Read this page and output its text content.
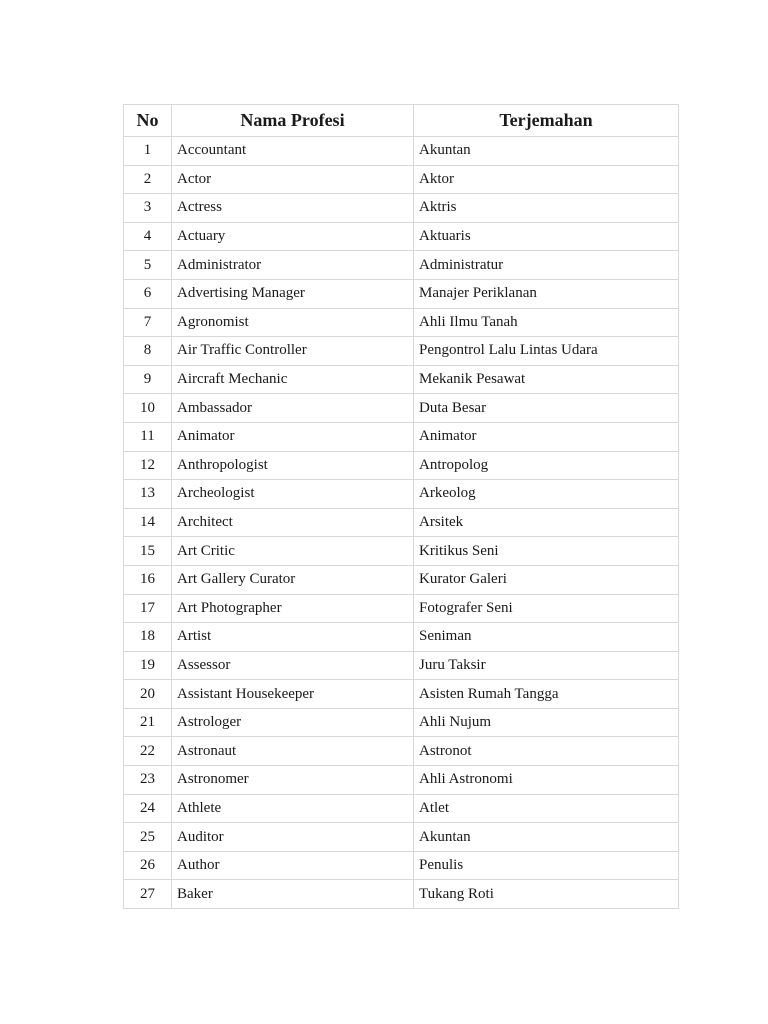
No	Nama Profesi	Terjemahan
1	Accountant	Akuntan
2	Actor	Aktor
3	Actress	Aktris
4	Actuary	Aktuaris
5	Administrator	Administratur
6	Advertising Manager	Manajer Periklanan
7	Agronomist	Ahli Ilmu Tanah
8	Air Traffic Controller	Pengontrol Lalu Lintas Udara
9	Aircraft Mechanic	Mekanik Pesawat
10	Ambassador	Duta Besar
11	Animator	Animator
12	Anthropologist	Antropolog
13	Archeologist	Arkeolog
14	Architect	Arsitek
15	Art Critic	Kritikus Seni
16	Art Gallery Curator	Kurator Galeri
17	Art Photographer	Fotografer Seni
18	Artist	Seniman
19	Assessor	Juru Taksir
20	Assistant Housekeeper	Asisten Rumah Tangga
21	Astrologer	Ahli Nujum
22	Astronaut	Astronot
23	Astronomer	Ahli Astronomi
24	Athlete	Atlet
25	Auditor	Akuntan
26	Author	Penulis
27	Baker	Tukang Roti
